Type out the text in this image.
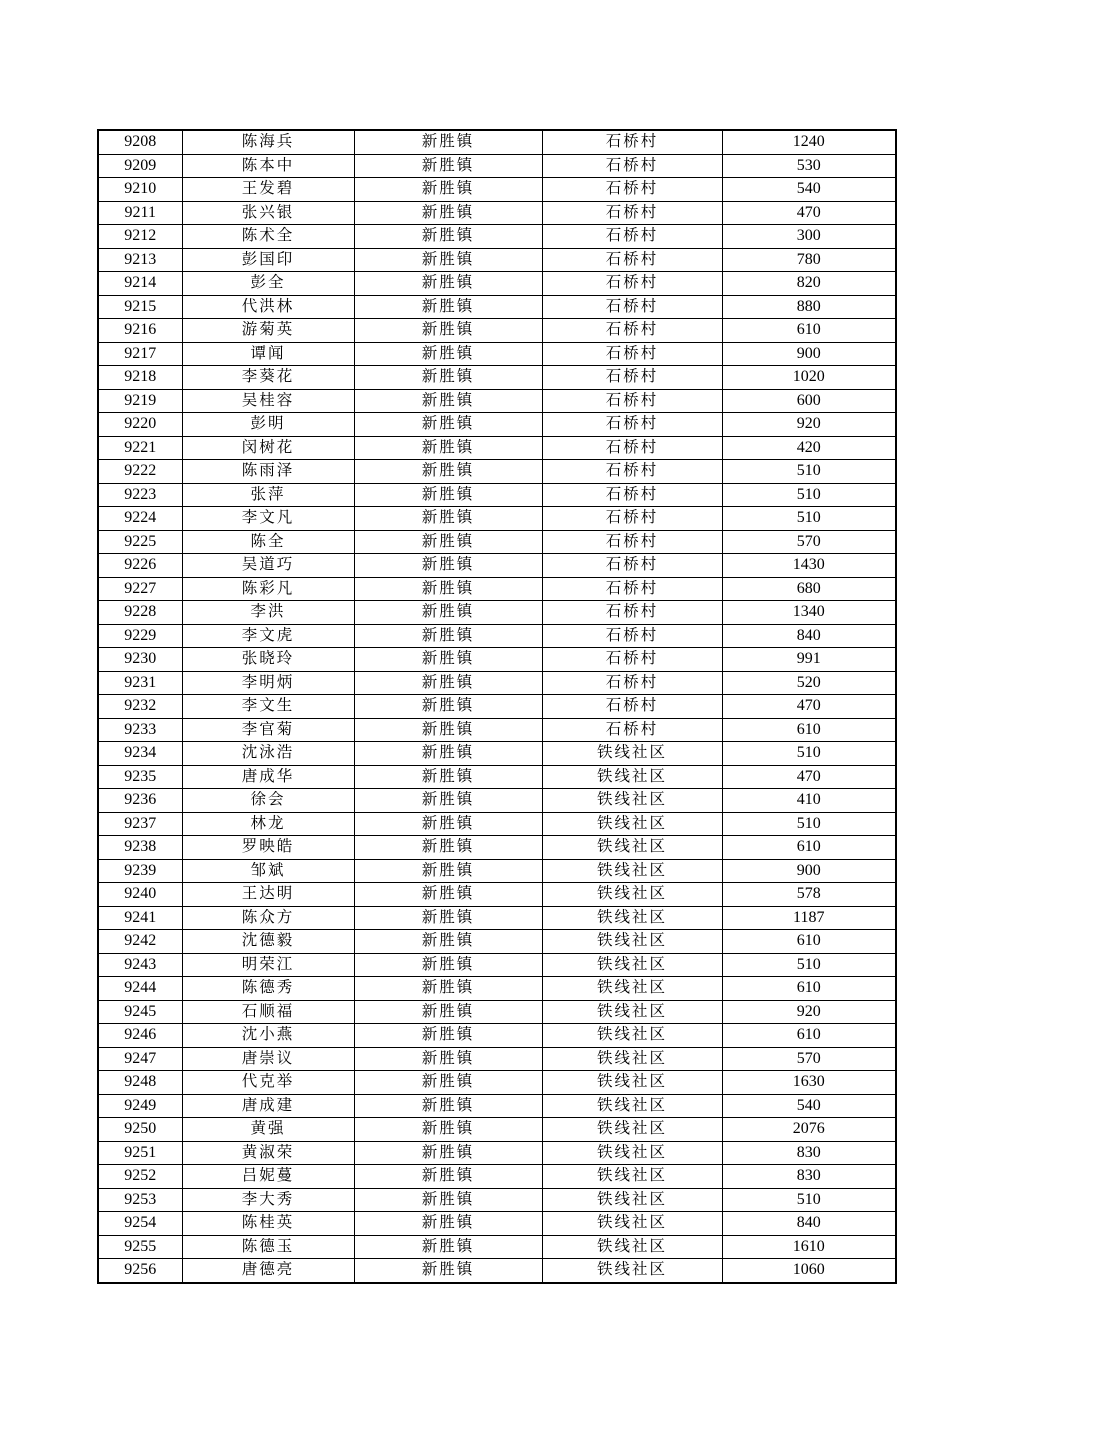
9208	陈海兵	新胜镇	石桥村	1240
9209	陈本中	新胜镇	石桥村	530
9210	王发碧	新胜镇	石桥村	540
9211	张兴银	新胜镇	石桥村	470
9212	陈术全	新胜镇	石桥村	300
9213	彭国印	新胜镇	石桥村	780
9214	彭全	新胜镇	石桥村	820
9215	代洪林	新胜镇	石桥村	880
9216	游菊英	新胜镇	石桥村	610
9217	谭闻	新胜镇	石桥村	900
9218	李葵花	新胜镇	石桥村	1020
9219	吴桂容	新胜镇	石桥村	600
9220	彭明	新胜镇	石桥村	920
9221	闵树花	新胜镇	石桥村	420
9222	陈雨泽	新胜镇	石桥村	510
9223	张萍	新胜镇	石桥村	510
9224	李文凡	新胜镇	石桥村	510
9225	陈全	新胜镇	石桥村	570
9226	吴道巧	新胜镇	石桥村	1430
9227	陈彩凡	新胜镇	石桥村	680
9228	李洪	新胜镇	石桥村	1340
9229	李文虎	新胜镇	石桥村	840
9230	张晓玲	新胜镇	石桥村	991
9231	李明炳	新胜镇	石桥村	520
9232	李文生	新胜镇	石桥村	470
9233	李官菊	新胜镇	石桥村	610
9234	沈泳浩	新胜镇	铁线社区	510
9235	唐成华	新胜镇	铁线社区	470
9236	徐会	新胜镇	铁线社区	410
9237	林龙	新胜镇	铁线社区	510
9238	罗映皓	新胜镇	铁线社区	610
9239	邹斌	新胜镇	铁线社区	900
9240	王达明	新胜镇	铁线社区	578
9241	陈众方	新胜镇	铁线社区	1187
9242	沈德毅	新胜镇	铁线社区	610
9243	明荣江	新胜镇	铁线社区	510
9244	陈德秀	新胜镇	铁线社区	610
9245	石顺福	新胜镇	铁线社区	920
9246	沈小燕	新胜镇	铁线社区	610
9247	唐崇议	新胜镇	铁线社区	570
9248	代克举	新胜镇	铁线社区	1630
9249	唐成建	新胜镇	铁线社区	540
9250	黄强	新胜镇	铁线社区	2076
9251	黄淑荣	新胜镇	铁线社区	830
9252	吕妮蔓	新胜镇	铁线社区	830
9253	李大秀	新胜镇	铁线社区	510
9254	陈桂英	新胜镇	铁线社区	840
9255	陈德玉	新胜镇	铁线社区	1610
9256	唐德亮	新胜镇	铁线社区	1060
